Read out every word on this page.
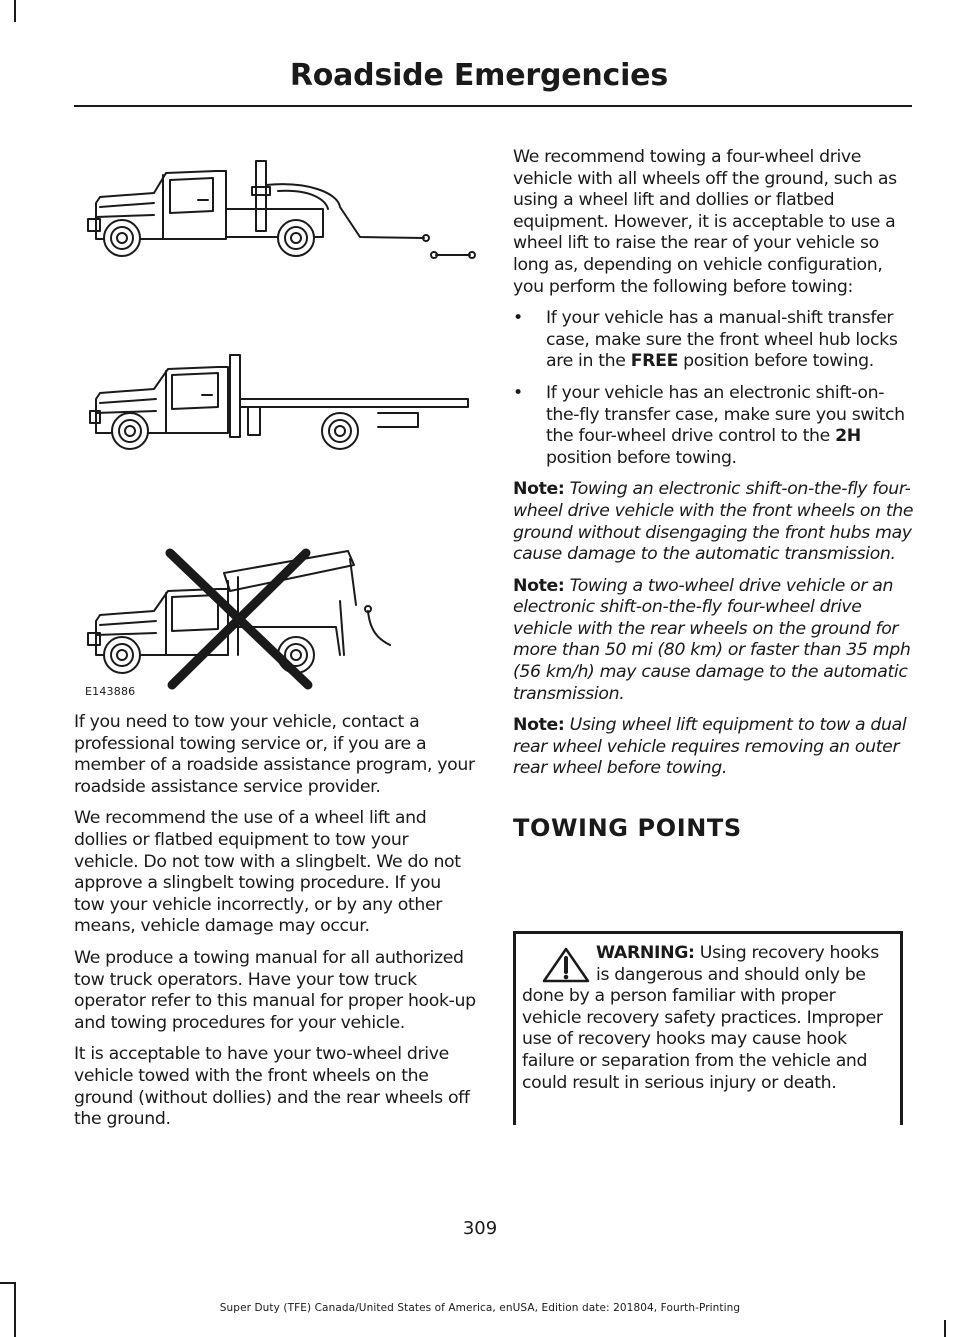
Roadside Emergencies
E143886

If you need to tow your vehicle, contact a professional towing service or, if you are a member of a roadside assistance program, your roadside assistance service provider.

We recommend the use of a wheel lift and dollies or flatbed equipment to tow your vehicle. Do not tow with a slingbelt. We do not approve a slingbelt towing procedure. If you tow your vehicle incorrectly, or by any other means, vehicle damage may occur.

We produce a towing manual for all authorized tow truck operators. Have your tow truck operator refer to this manual for proper hook-up and towing procedures for your vehicle.

It is acceptable to have your two-wheel drive vehicle towed with the front wheels on the ground (without dollies) and the rear wheels off the ground.

We recommend towing a four-wheel drive vehicle with all wheels off the ground, such as using a wheel lift and dollies or flatbed equipment. However, it is acceptable to use a wheel lift to raise the rear of your vehicle so long as, depending on vehicle configuration, you perform the following before towing:

• If your vehicle has a manual-shift transfer case, make sure the front wheel hub locks are in the FREE position before towing.
• If your vehicle has an electronic shift-on-the-fly transfer case, make sure you switch the four-wheel drive control to the 2H position before towing.

Note: Towing an electronic shift-on-the-fly four-wheel drive vehicle with the front wheels on the ground without disengaging the front hubs may cause damage to the automatic transmission.

Note: Towing a two-wheel drive vehicle or an electronic shift-on-the-fly four-wheel drive vehicle with the rear wheels on the ground for more than 50 mi (80 km) or faster than 35 mph (56 km/h) may cause damage to the automatic transmission.

Note: Using wheel lift equipment to tow a dual rear wheel vehicle requires removing an outer rear wheel before towing.

TOWING POINTS
WARNING: Using recovery hooks is dangerous and should only be done by a person familiar with proper vehicle recovery safety practices. Improper use of recovery hooks may cause hook failure or separation from the vehicle and could result in serious injury or death.
309
Super Duty (TFE) Canada/United States of America, enUSA, Edition date: 201804, Fourth-Printing
